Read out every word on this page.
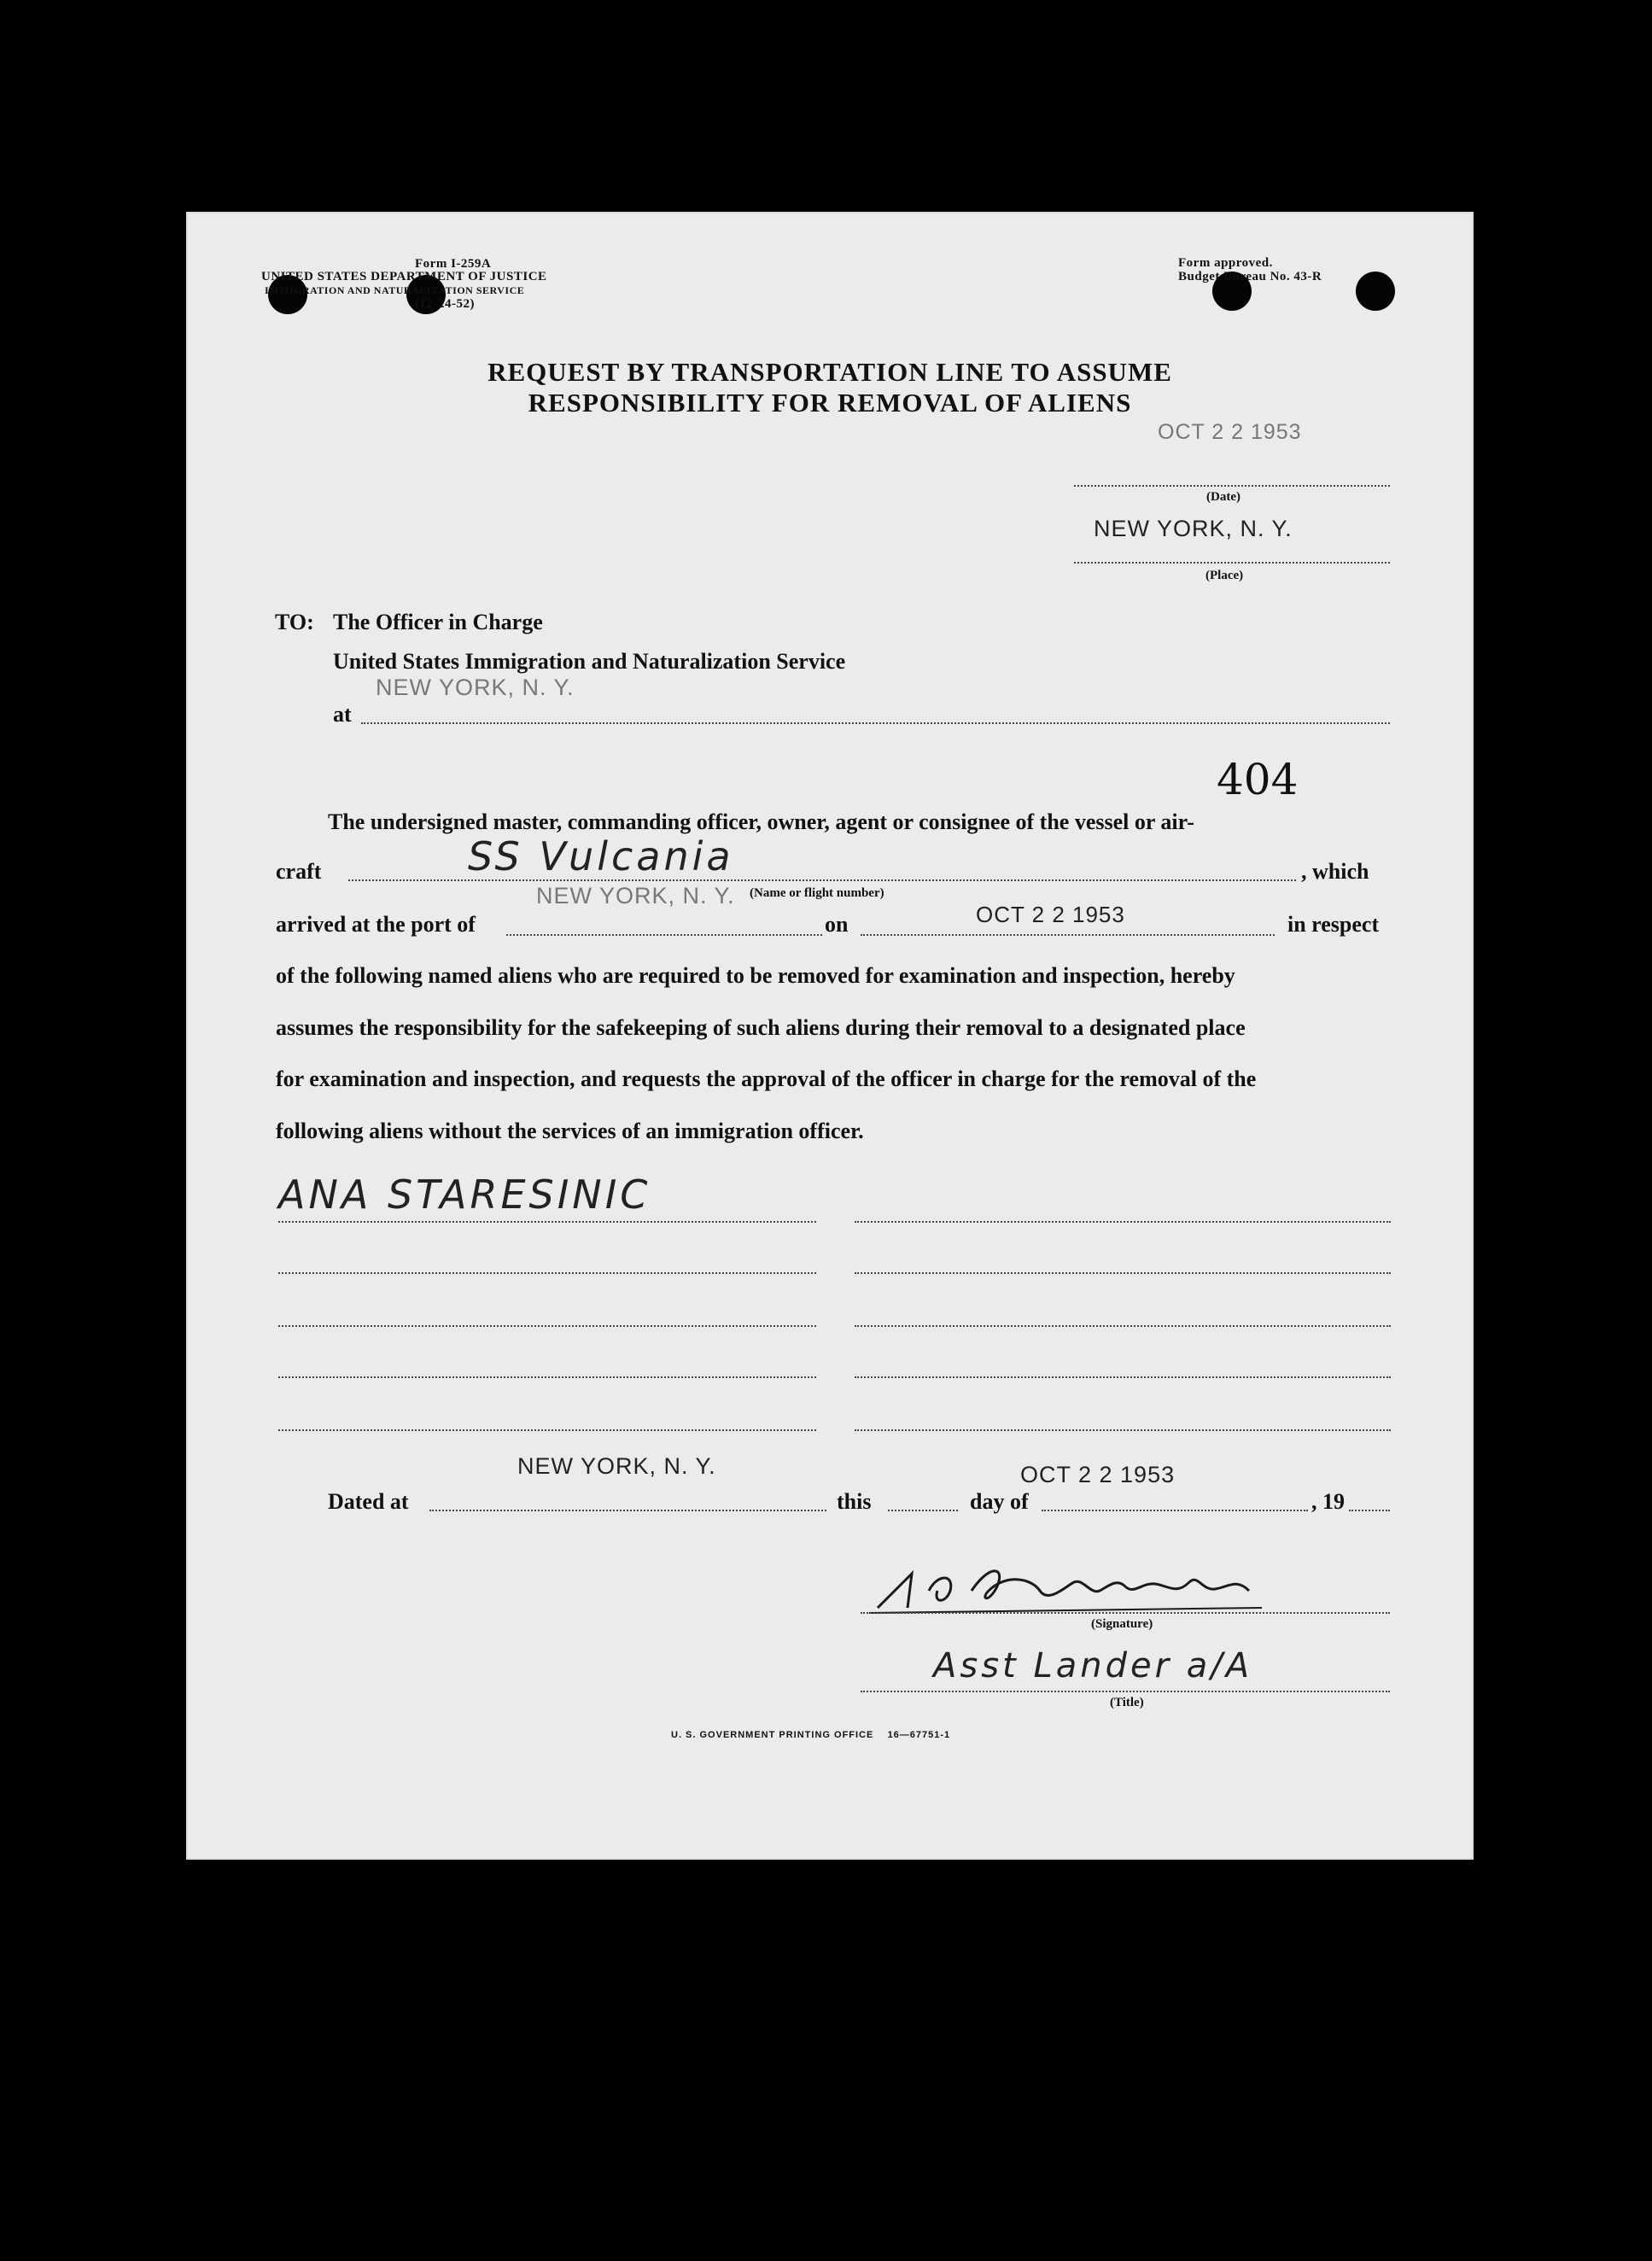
Form I-259A
UNITED STATES DEPARTMENT OF JUSTICE
IMMIGRATION AND NATURALIZATION SERVICE
(12-24-52)
Form approved.
Budget Bureau No. 43-R
REQUEST BY TRANSPORTATION LINE TO ASSUME
RESPONSIBILITY FOR REMOVAL OF ALIENS
OCT 2 2 1953
(Date)
NEW YORK, N. Y.
(Place)
TO: The Officer in Charge
United States Immigration and Naturalization Service
NEW YORK, N. Y.
at
404
The undersigned master, commanding officer, owner, agent or consignee of the vessel or air-
craft	SS Vulcania
(Name or flight number)
, which
NEW YORK, N. Y.
arrived at the port of	on	OCT 2 2 1953	in respect
of the following named aliens who are required to be removed for examination and inspection, hereby
assumes the responsibility for the safekeeping of such aliens during their removal to a designated place
for examination and inspection, and requests the approval of the officer in charge for the removal of the
following aliens without the services of an immigration officer.
ANA STARESINIC
NEW YORK, N. Y.	OCT 2 2 1953
Dated at	this	day of	, 19
(Signature)
Asst Lander a/A
(Title)
U. S. GOVERNMENT PRINTING OFFICE    16—67751-1
